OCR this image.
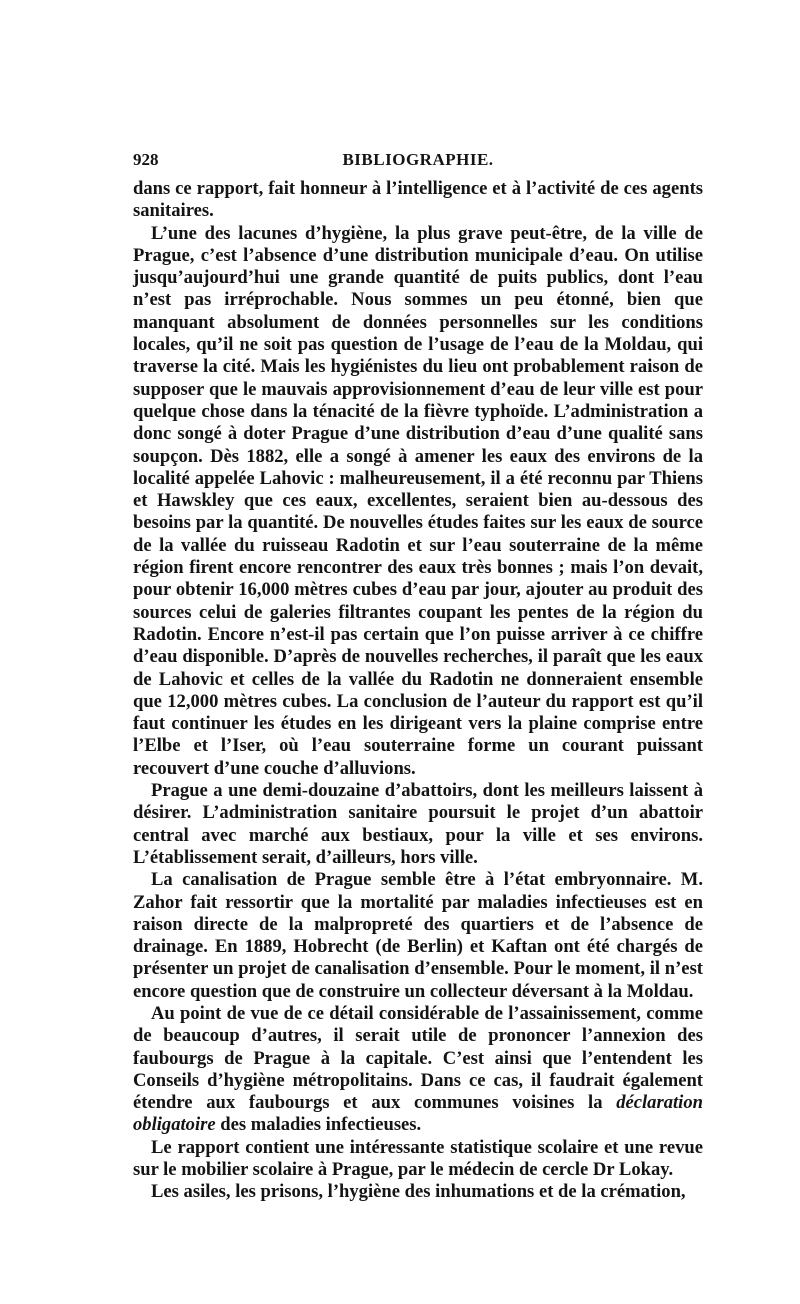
928	BIBLIOGRAPHIE.

dans ce rapport, fait honneur à l’intelligence et à l’activité de ces agents sanitaires.

L’une des lacunes d’hygiène, la plus grave peut-être, de la ville de Prague, c’est l’absence d’une distribution municipale d’eau. On utilise jusqu’aujourd’hui une grande quantité de puits publics, dont l’eau n’est pas irréprochable. Nous sommes un peu étonné, bien que manquant absolument de données personnelles sur les conditions locales, qu’il ne soit pas question de l’usage de l’eau de la Moldau, qui traverse la cité. Mais les hygiénistes du lieu ont probablement raison de supposer que le mauvais approvisionnement d’eau de leur ville est pour quelque chose dans la ténacité de la fièvre typhoïde. L’administration a donc songé à doter Prague d’une distribution d’eau d’une qualité sans soupçon. Dès 1882, elle a songé à amener les eaux des environs de la localité appelée Lahovic : malheureusement, il a été reconnu par Thiens et Hawskley que ces eaux, excellentes, seraient bien au-dessous des besoins par la quantité. De nouvelles études faites sur les eaux de source de la vallée du ruisseau Radotin et sur l’eau souterraine de la même région firent encore rencontrer des eaux très bonnes ; mais l’on devait, pour obtenir 16,000 mètres cubes d’eau par jour, ajouter au produit des sources celui de galeries filtrantes coupant les pentes de la région du Radotin. Encore n’est-il pas certain que l’on puisse arriver à ce chiffre d’eau disponible. D’après de nouvelles recherches, il paraît que les eaux de Lahovic et celles de la vallée du Radotin ne donneraient ensemble que 12,000 mètres cubes. La conclusion de l’auteur du rapport est qu’il faut continuer les études en les dirigeant vers la plaine comprise entre l’Elbe et l’Iser, où l’eau souterraine forme un courant puissant recouvert d’une couche d’alluvions.

Prague a une demi-douzaine d’abattoirs, dont les meilleurs laissent à désirer. L’administration sanitaire poursuit le projet d’un abattoir central avec marché aux bestiaux, pour la ville et ses environs. L’établissement serait, d’ailleurs, hors ville.

La canalisation de Prague semble être à l’état embryonnaire. M. Zahor fait ressortir que la mortalité par maladies infectieuses est en raison directe de la malpropreté des quartiers et de l’absence de drainage. En 1889, Hobrecht (de Berlin) et Kaftan ont été chargés de présenter un projet de canalisation d’ensemble. Pour le moment, il n’est encore question que de construire un collecteur déversant à la Moldau.

Au point de vue de ce détail considérable de l’assainissement, comme de beaucoup d’autres, il serait utile de prononcer l’annexion des faubourgs de Prague à la capitale. C’est ainsi que l’entendent les Conseils d’hygiène métropolitains. Dans ce cas, il faudrait également étendre aux faubourgs et aux communes voisines la déclaration obligatoire des maladies infectieuses.

Le rapport contient une intéressante statistique scolaire et une revue sur le mobilier scolaire à Prague, par le médecin de cercle Dr Lokay.

Les asiles, les prisons, l’hygiène des inhumations et de la crémation,
